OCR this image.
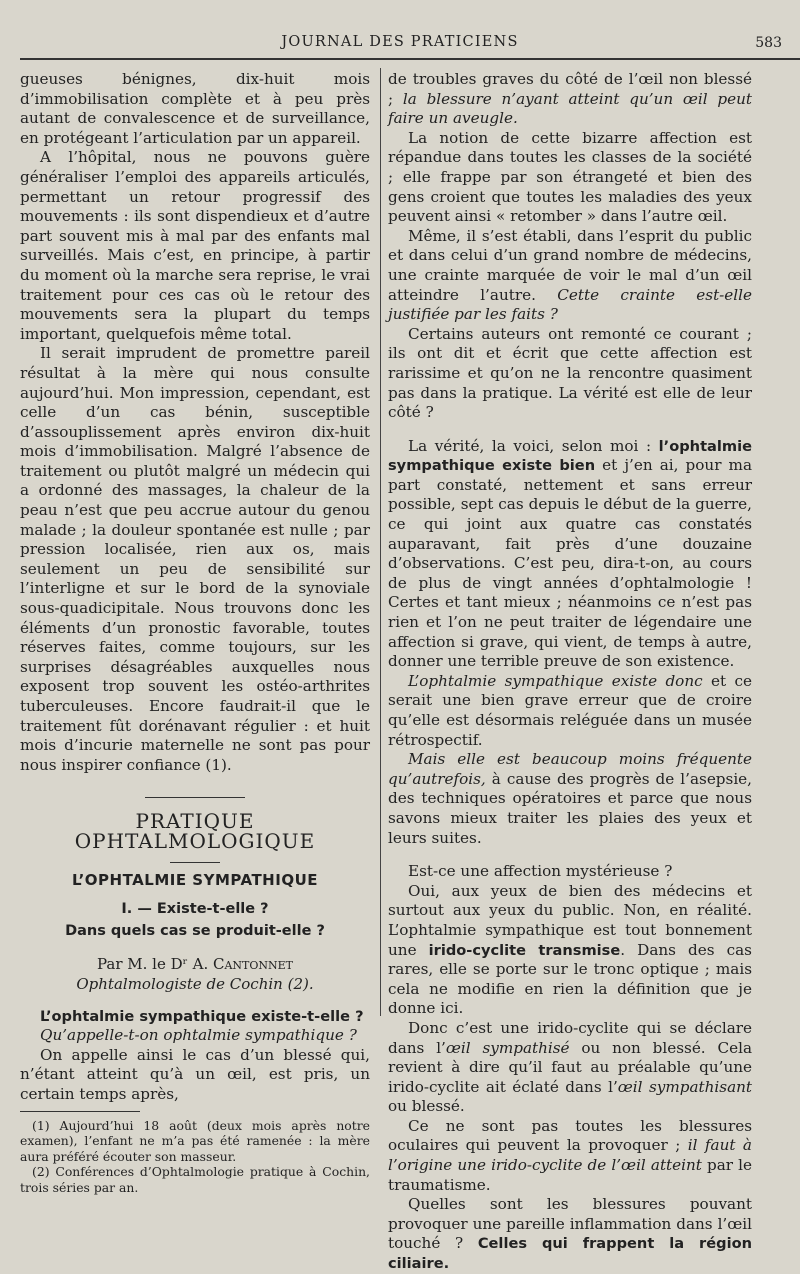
JOURNAL DES PRATICIENS	583

gueuses bénignes, dix-huit mois d’immobilisation complète et à peu près autant de convalescence et de surveillance, en protégeant l’articulation par un appareil.

A l’hôpital, nous ne pouvons guère généraliser l’emploi des appareils articulés, permettant un retour progressif des mouvements : ils sont dispendieux et d’autre part souvent mis à mal par des enfants mal surveillés. Mais c’est, en principe, à partir du moment où la marche sera reprise, le vrai traitement pour ces cas où le retour des mouvements sera la plupart du temps important, quelquefois même total.

Il serait imprudent de promettre pareil résultat à la mère qui nous consulte aujourd’hui. Mon impression, cependant, est celle d’un cas bénin, susceptible d’assouplissement après environ dix-huit mois d’immobilisation. Malgré l’absence de traitement ou plutôt malgré un médecin qui a ordonné des massages, la chaleur de la peau n’est que peu accrue autour du genou malade ; la douleur spontanée est nulle ; par pression localisée, rien aux os, mais seulement un peu de sensibilité sur l’interligne et sur le bord de la synoviale sous-quadicipitale. Nous trouvons donc les éléments d’un pronostic favorable, toutes réserves faites, comme toujours, sur les surprises désagréables auxquelles nous exposent trop souvent les ostéo-arthrites tuberculeuses. Encore faudrait-il que le traitement fût dorénavant régulier : et huit mois d’incurie maternelle ne sont pas pour nous inspirer confiance (1).

PRATIQUE OPHTALMOLOGIQUE
L’OPHTALMIE SYMPATHIQUE
I. — Existe-t-elle ?
Dans quels cas se produit-elle ?
Par M. le Dʳ A. Cantonnet
Ophtalmologiste de Cochin (2).

L’ophtalmie sympathique existe-t-elle ?

Qu’appelle-t-on ophtalmie sympathique ?

On appelle ainsi le cas d’un blessé qui, n’étant atteint qu’à un œil, est pris, un certain temps après,

(1) Aujourd’hui 18 août (deux mois après notre examen), l’enfant ne m’a pas été ramenée : la mère aura préféré écouter son masseur.

(2) Conférences d’Ophtalmologie pratique à Cochin, trois séries par an.

de troubles graves du côté de l’œil non blessé ; la blessure n’ayant atteint qu’un œil peut faire un aveugle.

La notion de cette bizarre affection est répandue dans toutes les classes de la société ; elle frappe par son étrangeté et bien des gens croient que toutes les maladies des yeux peuvent ainsi « retomber » dans l’autre œil.

Même, il s’est établi, dans l’esprit du public et dans celui d’un grand nombre de médecins, une crainte marquée de voir le mal d’un œil atteindre l’autre. Cette crainte est-elle justifiée par les faits ?

Certains auteurs ont remonté ce courant ; ils ont dit et écrit que cette affection est rarissime et qu’on ne la rencontre quasiment pas dans la pratique. La vérité est elle de leur côté ?

La vérité, la voici, selon moi : l’ophtalmie sympathique existe bien et j’en ai, pour ma part constaté, nettement et sans erreur possible, sept cas depuis le début de la guerre, ce qui joint aux quatre cas constatés auparavant, fait près d’une douzaine d’observations. C’est peu, dira-t-on, au cours de plus de vingt années d’ophtalmologie ! Certes et tant mieux ; néanmoins ce n’est pas rien et l’on ne peut traiter de légendaire une affection si grave, qui vient, de temps à autre, donner une terrible preuve de son existence.

L’ophtalmie sympathique existe donc et ce serait une bien grave erreur que de croire qu’elle est désormais reléguée dans un musée rétrospectif.

Mais elle est beaucoup moins fréquente qu’autrefois, à cause des progrès de l’asepsie, des techniques opératoires et parce que nous savons mieux traiter les plaies des yeux et leurs suites.

Est-ce une affection mystérieuse ?

Oui, aux yeux de bien des médecins et surtout aux yeux du public. Non, en réalité. L’ophtalmie sympathique est tout bonnement une irido-cyclite transmise. Dans des cas rares, elle se porte sur le tronc optique ; mais cela ne modifie en rien la définition que je donne ici.

Donc c’est une irido-cyclite qui se déclare dans l’œil sympathisé ou non blessé. Cela revient à dire qu’il faut au préalable qu’une irido-cyclite ait éclaté dans l’œil sympathisant ou blessé.

Ce ne sont pas toutes les blessures oculaires qui peuvent la provoquer ; il faut à l’origine une irido-cyclite de l’œil atteint par le traumatisme.

Quelles sont les blessures pouvant provoquer une pareille inflammation dans l’œil touché ? Celles qui frappent la région ciliaire.
